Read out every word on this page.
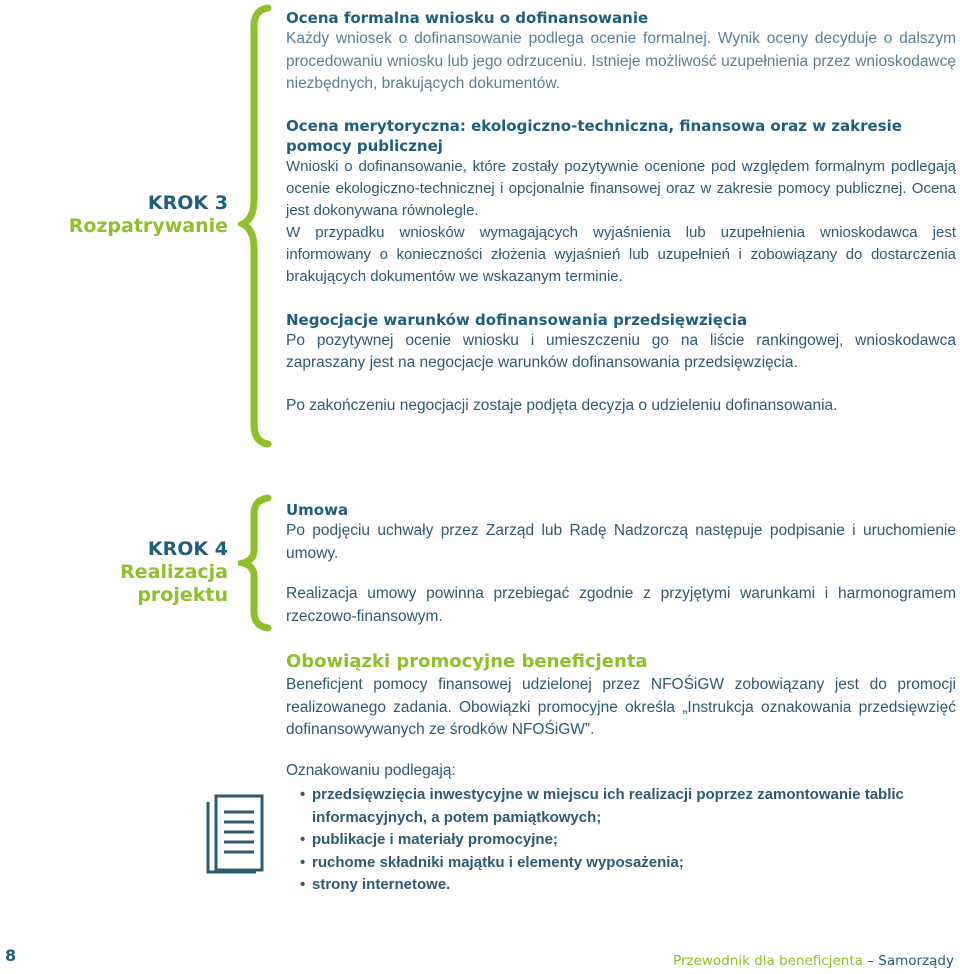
KROK 3
Rozpatrywanie

Ocena formalna wniosku o dofinansowanie

Każdy wniosek o dofinansowanie podlega ocenie formalnej. Wynik oceny decyduje o dalszym procedowaniu wniosku lub jego odrzuceniu. Istnieje możliwość uzupełnienia przez wnioskodawcę niezbędnych, brakujących dokumentów.

Ocena merytoryczna: ekologiczno-techniczna, finansowa oraz w zakresie pomocy publicznej

Wnioski o dofinansowanie, które zostały pozytywnie ocenione pod względem formalnym podlegają ocenie ekologiczno-technicznej i opcjonalnie finansowej oraz w zakresie pomocy publicznej. Ocena jest dokonywana równolegle.

W przypadku wniosków wymagających wyjaśnienia lub uzupełnienia wnioskodawca jest informowany o konieczności złożenia wyjaśnień lub uzupełnień i zobowiązany do dostarczenia brakujących dokumentów we wskazanym terminie.

Negocjacje warunków dofinansowania przedsięwzięcia

Po pozytywnej ocenie wniosku i umieszczeniu go na liście rankingowej, wnioskodawca zapraszany jest na negocjacje warunków dofinansowania przedsięwzięcia.

Po zakończeniu negocjacji zostaje podjęta decyzja o udzieleniu dofinansowania.

KROK 4
Realizacja
projektu

Umowa

Po podjęciu uchwały przez Zarząd lub Radę Nadzorczą następuje podpisanie i uruchomienie umowy.

Realizacja umowy powinna przebiegać zgodnie z przyjętymi warunkami i harmonogramem rzeczowo-finansowym.

Obowiązki promocyjne beneficjenta

Beneficjent pomocy finansowej udzielonej przez NFOŚiGW zobowiązany jest do promocji realizowanego zadania. Obowiązki promocyjne określa „Instrukcja oznakowania przedsięwzięć dofinansowywanych ze środków NFOŚiGW”.

Oznakowaniu podlegają:

• przedsięwzięcia inwestycyjne w miejscu ich realizacji poprzez zamontowanie tablic informacyjnych, a potem pamiątkowych;
• publikacje i materiały promocyjne;
• ruchome składniki majątku i elementy wyposażenia;
• strony internetowe.
8	Przewodnik dla beneficjenta – Samorządy
